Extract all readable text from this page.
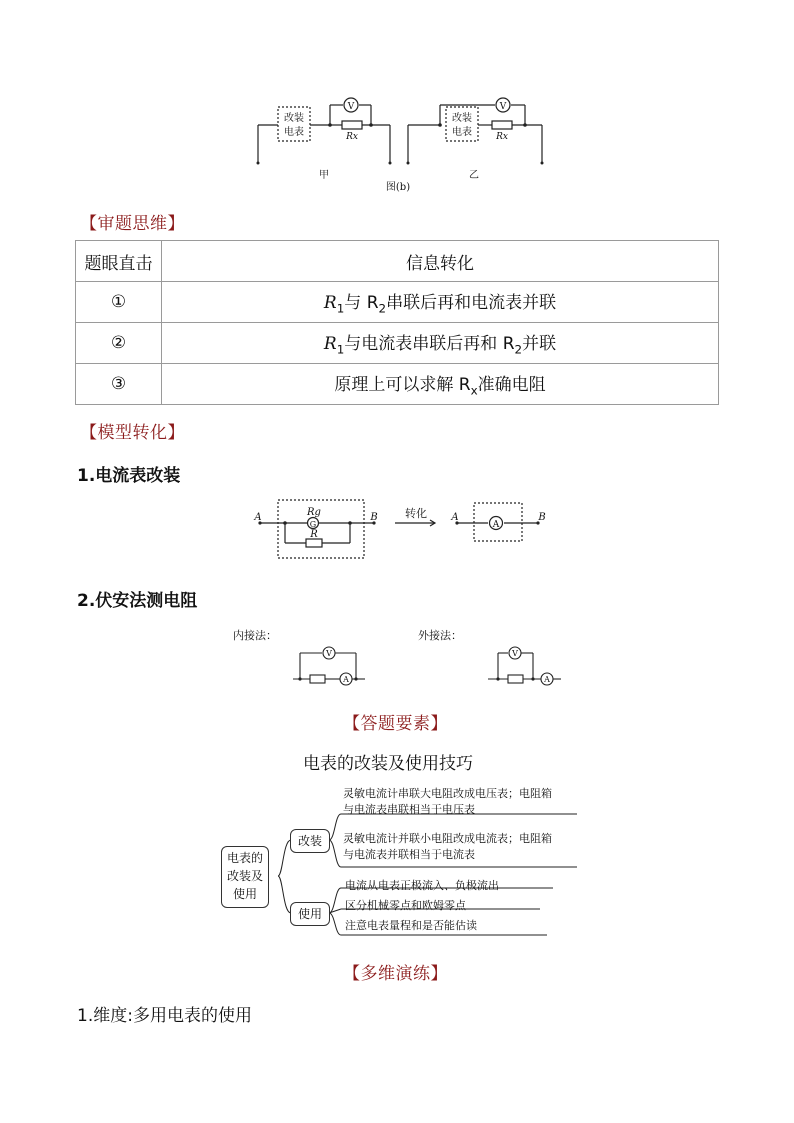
改装
电表
V
Rx
改装
电表
V
Rx
甲	乙
图(b)
【审题思维】
题眼直击	信息转化
①	$R_1$与 $R_2$串联后再和电流表并联
②	$R_1$与电流表串联后再和 $R_2$并联
③	原理上可以求解 $R_x$准确电阻
【模型转化】
1.电流表改装
A	B
Rg
G
R
转化 A	B
A
2.伏安法测电阻
内接法：	外接法：
V
A
V
A
【答题要素】
电表的改装及使用技巧
电表的
改装及
使用
改装
使用
灵敏电流计串联大电阻改成电压表；电阻箱
与电流表串联相当于电压表
灵敏电流计并联小电阻改成电流表；电阻箱
与电流表并联相当于电流表
电流从电表正极流入、负极流出
区分机械零点和欧姆零点
注意电表量程和是否能估读
【多维演练】
1.维度:多用电表的使用
